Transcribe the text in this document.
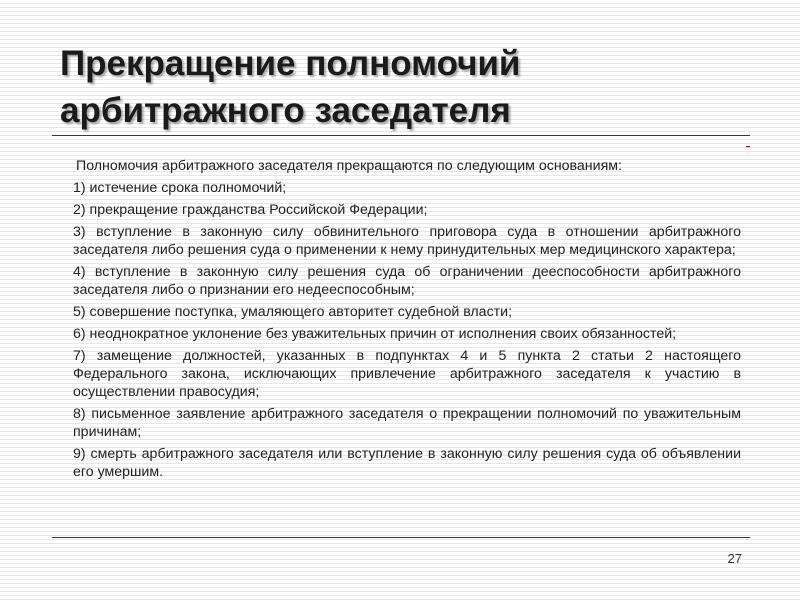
Прекращение полномочий
арбитражного заседателя

Полномочия арбитражного заседателя прекращаются по следующим основаниям:

1) истечение срока полномочий;

2) прекращение гражданства Российской Федерации;

3) вступление в законную силу обвинительного приговора суда в отношении арбитражного заседателя либо решения суда о применении к нему принудительных мер медицинского характера;

4) вступление в законную силу решения суда об ограничении дееспособности арбитражного заседателя либо о признании его недееспособным;

5) совершение поступка, умаляющего авторитет судебной власти;

6) неоднократное уклонение без уважительных причин от исполнения своих обязанностей;

7) замещение должностей, указанных в подпунктах 4 и 5 пункта 2 статьи 2 настоящего Федерального закона, исключающих привлечение арбитражного заседателя к участию в осуществлении правосудия;

8) письменное заявление арбитражного заседателя о прекращении полномочий по уважительным причинам;

9) смерть арбитражного заседателя или вступление в законную силу решения суда об объявлении его умершим.

27
